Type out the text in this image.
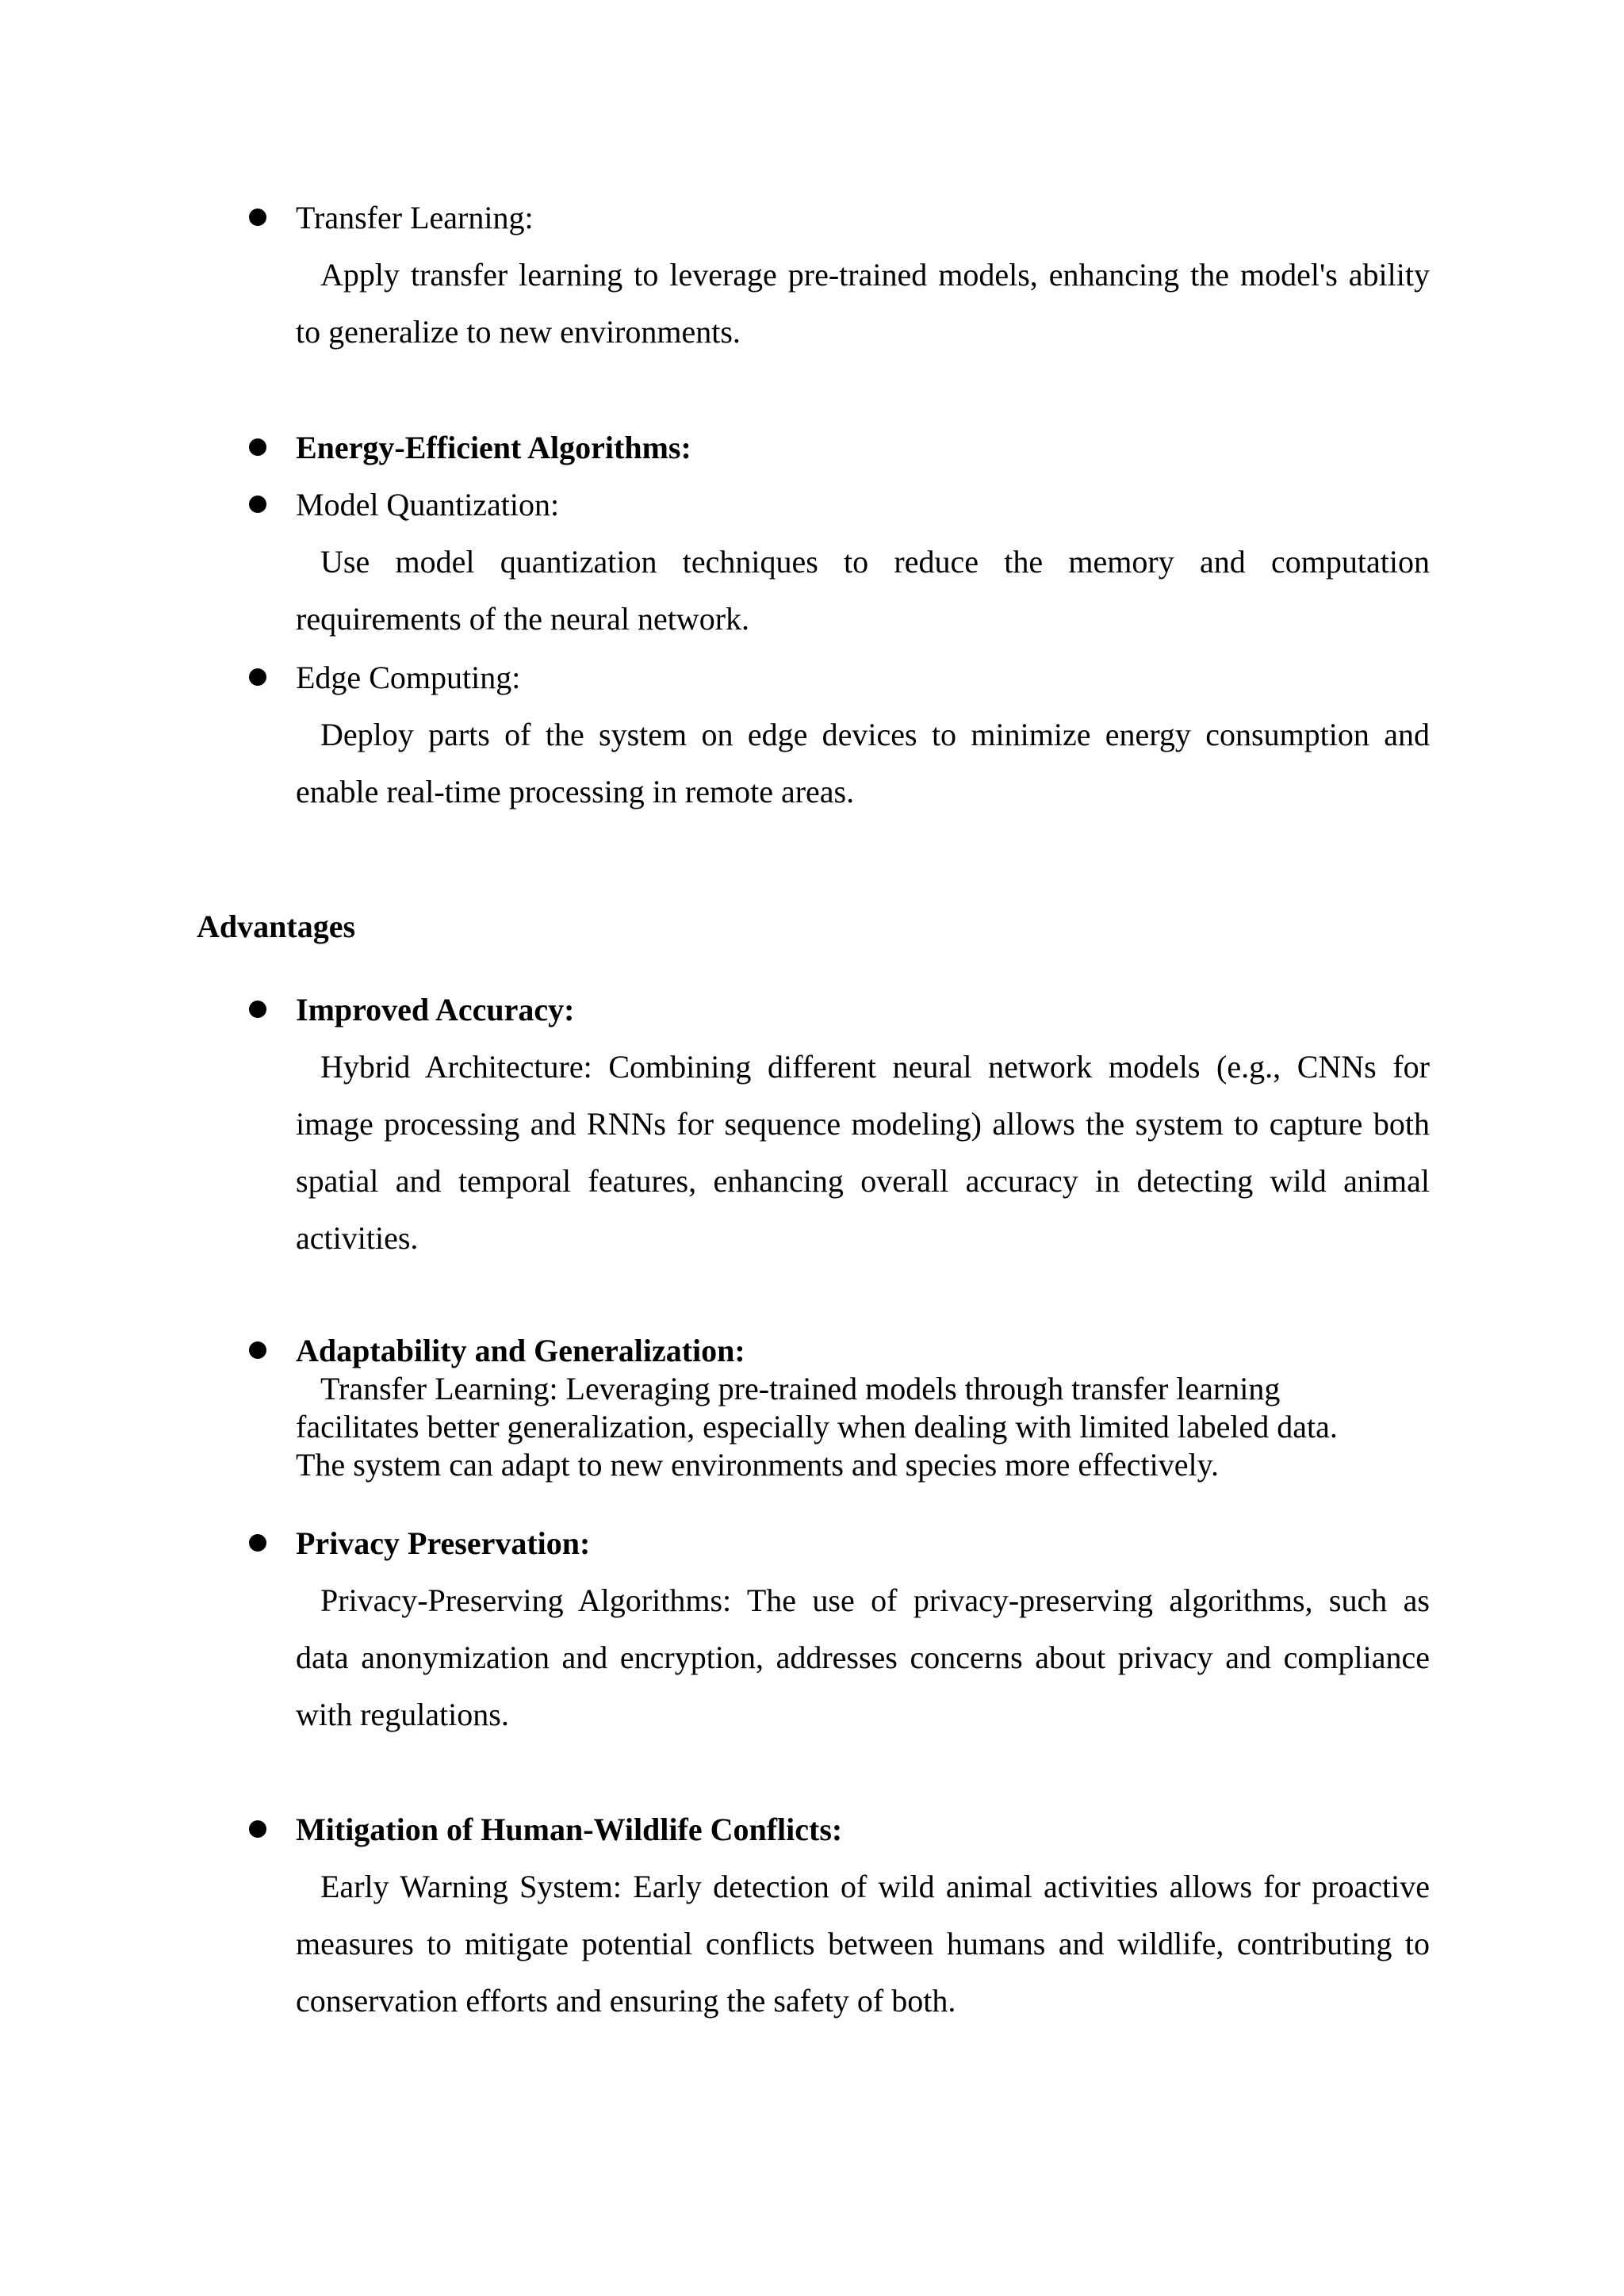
Transfer Learning:
Apply transfer learning to leverage pre-trained models, enhancing the model's ability
to generalize to new environments.
Energy-Efficient Algorithms:
Model Quantization:
Use model quantization techniques to reduce the memory and computation
requirements of the neural network.
Edge Computing:
Deploy parts of the system on edge devices to minimize energy consumption and
enable real-time processing in remote areas.
Advantages
Improved Accuracy:
Hybrid Architecture: Combining different neural network models (e.g., CNNs for
image processing and RNNs for sequence modeling) allows the system to capture both
spatial and temporal features, enhancing overall accuracy in detecting wild animal
activities.
Adaptability and Generalization:
Transfer Learning: Leveraging pre-trained models through transfer learning
facilitates better generalization, especially when dealing with limited labeled data.
The system can adapt to new environments and species more effectively.
Privacy Preservation:
Privacy-Preserving Algorithms: The use of privacy-preserving algorithms, such as
data anonymization and encryption, addresses concerns about privacy and compliance
with regulations.
Mitigation of Human-Wildlife Conflicts:
Early Warning System: Early detection of wild animal activities allows for proactive
measures to mitigate potential conflicts between humans and wildlife, contributing to
conservation efforts and ensuring the safety of both.
